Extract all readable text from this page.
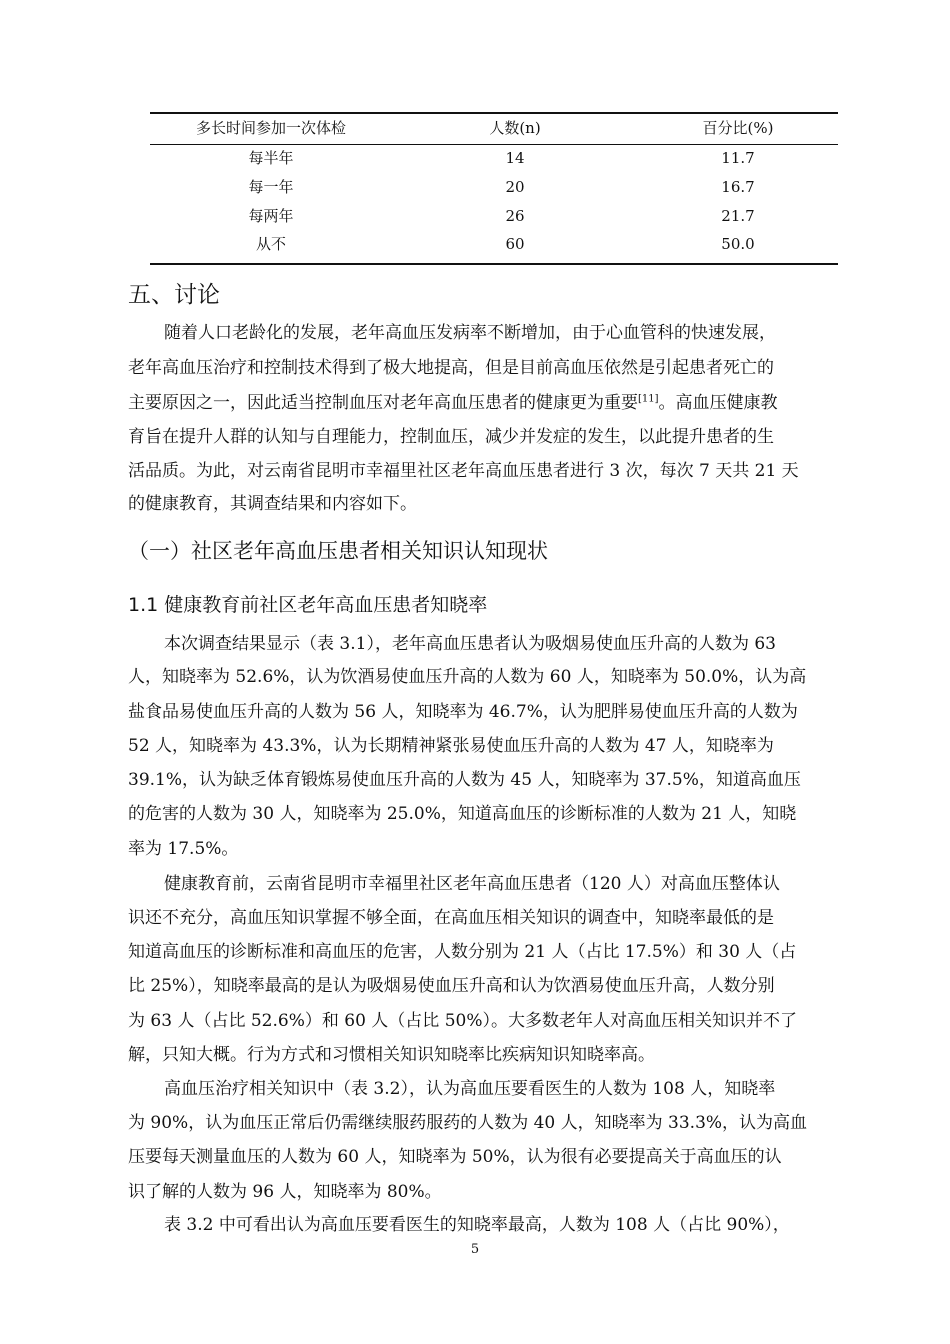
多长时间参加一次体检	人数(n)	百分比(%)
每半年	14	11.7
每一年	20	16.7
每两年	26	21.7
从不	60	50.0
五、讨论
随着人口老龄化的发展，老年高血压发病率不断增加，由于心血管科的快速发展，
老年高血压治疗和控制技术得到了极大地提高，但是目前高血压依然是引起患者死亡的
主要原因之一，因此适当控制血压对老年高血压患者的健康更为重要[11]。高血压健康教
育旨在提升人群的认知与自理能力，控制血压，减少并发症的发生，以此提升患者的生
活品质。为此，对云南省昆明市幸福里社区老年高血压患者进行 3 次，每次 7 天共 21 天
的健康教育，其调查结果和内容如下。
（一）社区老年高血压患者相关知识认知现状
1.1 健康教育前社区老年高血压患者知晓率
本次调查结果显示（表 3.1），老年高血压患者认为吸烟易使血压升高的人数为 63
人，知晓率为 52.6%，认为饮酒易使血压升高的人数为 60 人，知晓率为 50.0%，认为高
盐食品易使血压升高的人数为 56 人，知晓率为 46.7%，认为肥胖易使血压升高的人数为
52 人，知晓率为 43.3%，认为长期精神紧张易使血压升高的人数为 47 人，知晓率为
39.1%，认为缺乏体育锻炼易使血压升高的人数为 45 人，知晓率为 37.5%，知道高血压
的危害的人数为 30 人，知晓率为 25.0%，知道高血压的诊断标准的人数为 21 人，知晓
率为 17.5%。
健康教育前，云南省昆明市幸福里社区老年高血压患者（120 人）对高血压整体认
识还不充分，高血压知识掌握不够全面，在高血压相关知识的调查中，知晓率最低的是
知道高血压的诊断标准和高血压的危害，人数分别为 21 人（占比 17.5%）和 30 人（占
比 25%），知晓率最高的是认为吸烟易使血压升高和认为饮酒易使血压升高，人数分别
为 63 人（占比 52.6%）和 60 人（占比 50%）。大多数老年人对高血压相关知识并不了
解，只知大概。行为方式和习惯相关知识知晓率比疾病知识知晓率高。
高血压治疗相关知识中（表 3.2），认为高血压要看医生的人数为 108 人，知晓率
为 90%，认为血压正常后仍需继续服药服药的人数为 40 人，知晓率为 33.3%，认为高血
压要每天测量血压的人数为 60 人，知晓率为 50%，认为很有必要提高关于高血压的认
识了解的人数为 96 人，知晓率为 80%。
表 3.2 中可看出认为高血压要看医生的知晓率最高，人数为 108 人（占比 90%），
5
